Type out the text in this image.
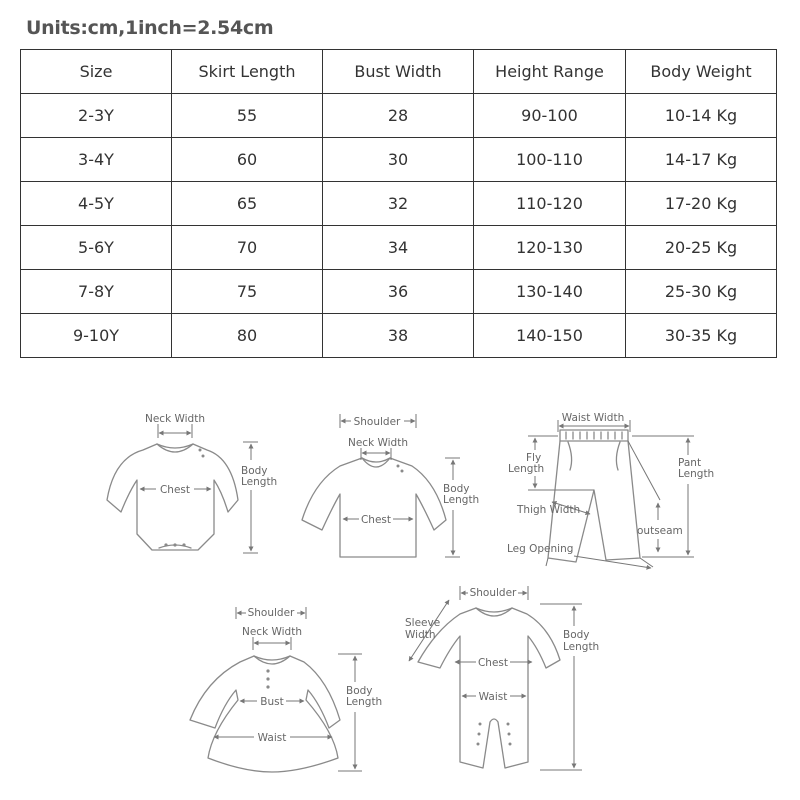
Units:cm,1inch=2.54cm
Size	Skirt Length	Bust Width	Height Range	Body Weight
2-3Y	55	28	90-100	10-14 Kg
3-4Y	60	30	100-110	14-17 Kg
4-5Y	65	32	110-120	17-20 Kg
5-6Y	70	34	120-130	20-25 Kg
7-8Y	75	36	130-140	25-30 Kg
9-10Y	80	38	140-150	30-35 Kg
Neck Width
Chest
Body
Length
Shoulder
Neck Width
Chest
Body
Length
Waist Width
Fly
Length	Pant
Length
Thigh Width
outseam
Leg Opening
Shoulder
Neck Width
Bust
Waist
Body
Length
Shoulder
Sleeve
Width
Chest
Waist
Body
Length
